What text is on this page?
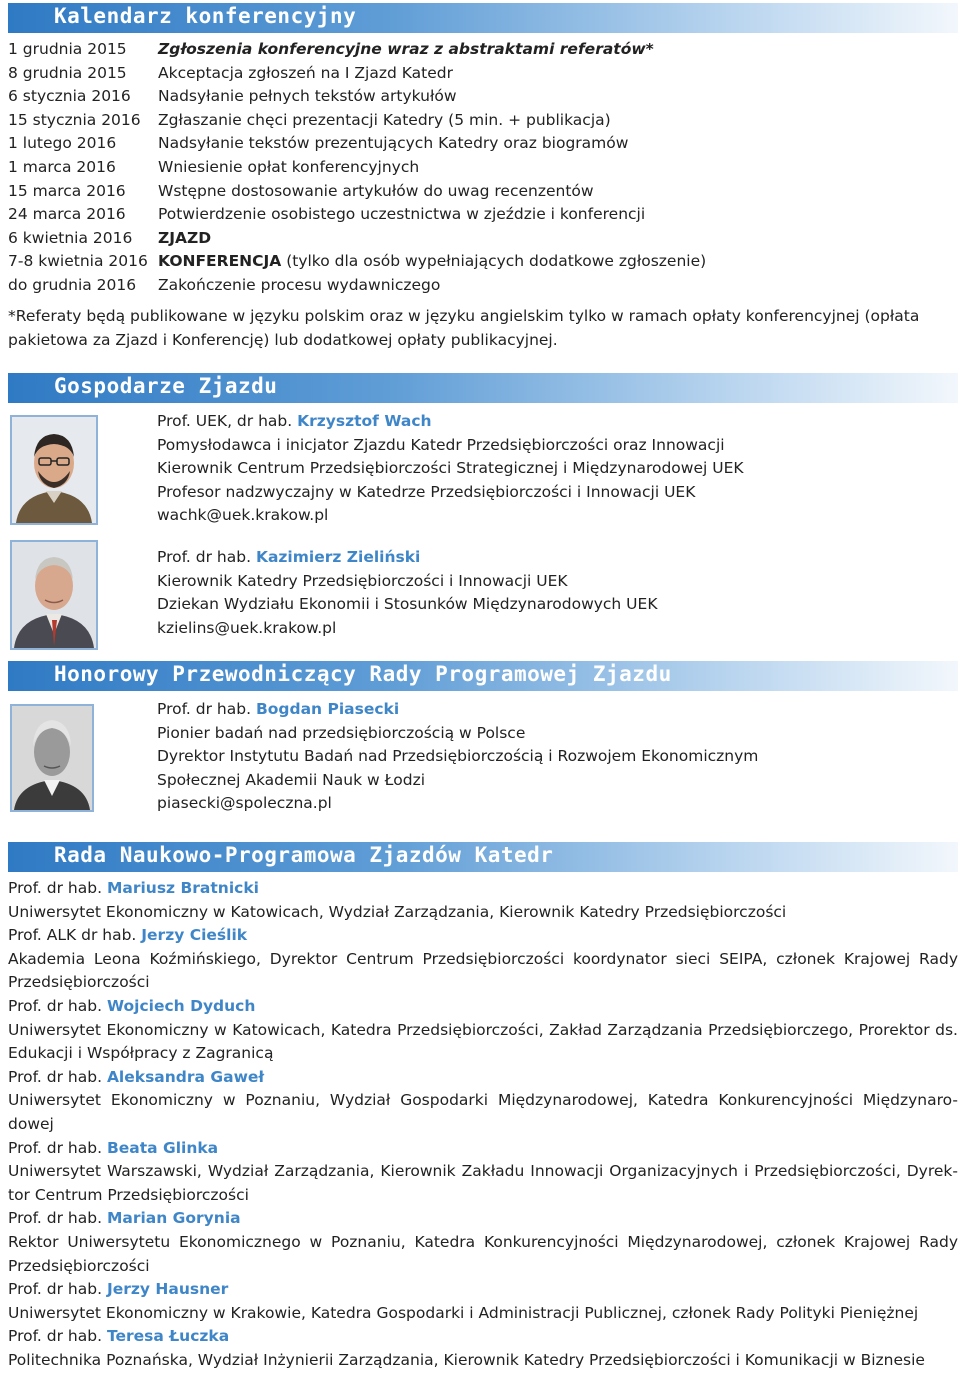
Kalendarz konferencyjny
1 grudnia 2015	Zgłoszenia konferencyjne wraz z abstraktami referatów*
8 grudnia 2015	Akceptacja zgłoszeń na I Zjazd Katedr
6 stycznia 2016	Nadsyłanie pełnych tekstów artykułów
15 stycznia 2016	Zgłaszanie chęci prezentacji Katedry (5 min. + publikacja)
1 lutego 2016	Nadsyłanie tekstów prezentujących Katedry oraz biogramów
1 marca 2016	Wniesienie opłat konferencyjnych
15 marca 2016	Wstępne dostosowanie artykułów do uwag recenzentów
24 marca 2016	Potwierdzenie osobistego uczestnictwa w zjeździe i konferencji
6 kwietnia 2016	ZJAZD
7-8 kwietnia 2016 KONFERENCJA (tylko dla osób wypełniających dodatkowe zgłoszenie)
do grudnia 2016	Zakończenie procesu wydawniczego
*Referaty będą publikowane w języku polskim oraz w języku angielskim tylko w ramach opłaty konferencyjnej (opłata pakietowa za Zjazd i Konferencję) lub dodatkowej opłaty publikacyjnej.
Gospodarze Zjazdu
Prof. UEK, dr hab. Krzysztof Wach
Pomysłodawca i inicjator Zjazdu Katedr Przedsiębiorczości oraz Innowacji
Kierownik Centrum Przedsiębiorczości Strategicznej i Międzynarodowej UEK
Profesor nadzwyczajny w Katedrze Przedsiębiorczości i Innowacji UEK
wachk@uek.krakow.pl
Prof. dr hab. Kazimierz Zieliński
Kierownik Katedry Przedsiębiorczości i Innowacji UEK
Dziekan Wydziału Ekonomii i Stosunków Międzynarodowych UEK
kzielins@uek.krakow.pl
Honorowy Przewodniczący Rady Programowej Zjazdu
Prof. dr hab. Bogdan Piasecki
Pionier badań nad przedsiębiorczością w Polsce
Dyrektor Instytutu Badań nad Przedsiębiorczością i Rozwojem Ekonomicznym
Społecznej Akademii Nauk w Łodzi
piasecki@spoleczna.pl
Rada Naukowo-Programowa Zjazdów Katedr
Prof. dr hab. Mariusz Bratnicki
Uniwersytet Ekonomiczny w Katowicach, Wydział Zarządzania, Kierownik Katedry Przedsiębiorczości
Prof. ALK dr hab. Jerzy Cieślik
Akademia Leona Koźmińskiego, Dyrektor Centrum Przedsiębiorczości koordynator sieci SEIPA, członek Krajowej Rady Przedsiębiorczości
Prof. dr hab. Wojciech Dyduch
Uniwersytet Ekonomiczny w Katowicach, Katedra Przedsiębiorczości, Zakład Zarządzania Przedsiębiorczego, Prorektor ds. Edukacji i Współpracy z Zagranicą
Prof. dr hab. Aleksandra Gaweł
Uniwersytet Ekonomiczny w Poznaniu, Wydział Gospodarki Międzynarodowej, Katedra Konkurencyjności Międzynaro-dowej
Prof. dr hab. Beata Glinka
Uniwersytet Warszawski, Wydział Zarządzania, Kierownik Zakładu Innowacji Organizacyjnych i Przedsiębiorczości, Dyrek-tor Centrum Przedsiębiorczości
Prof. dr hab. Marian Gorynia
Rektor Uniwersytetu Ekonomicznego w Poznaniu, Katedra Konkurencyjności Międzynarodowej, członek Krajowej Rady Przedsiębiorczości
Prof. dr hab. Jerzy Hausner
Uniwersytet Ekonomiczny w Krakowie, Katedra Gospodarki i Administracji Publicznej, członek Rady Polityki Pieniężnej
Prof. dr hab. Teresa Łuczka
Politechnika Poznańska, Wydział Inżynierii Zarządzania, Kierownik Katedry Przedsiębiorczości i Komunikacji w Biznesie
